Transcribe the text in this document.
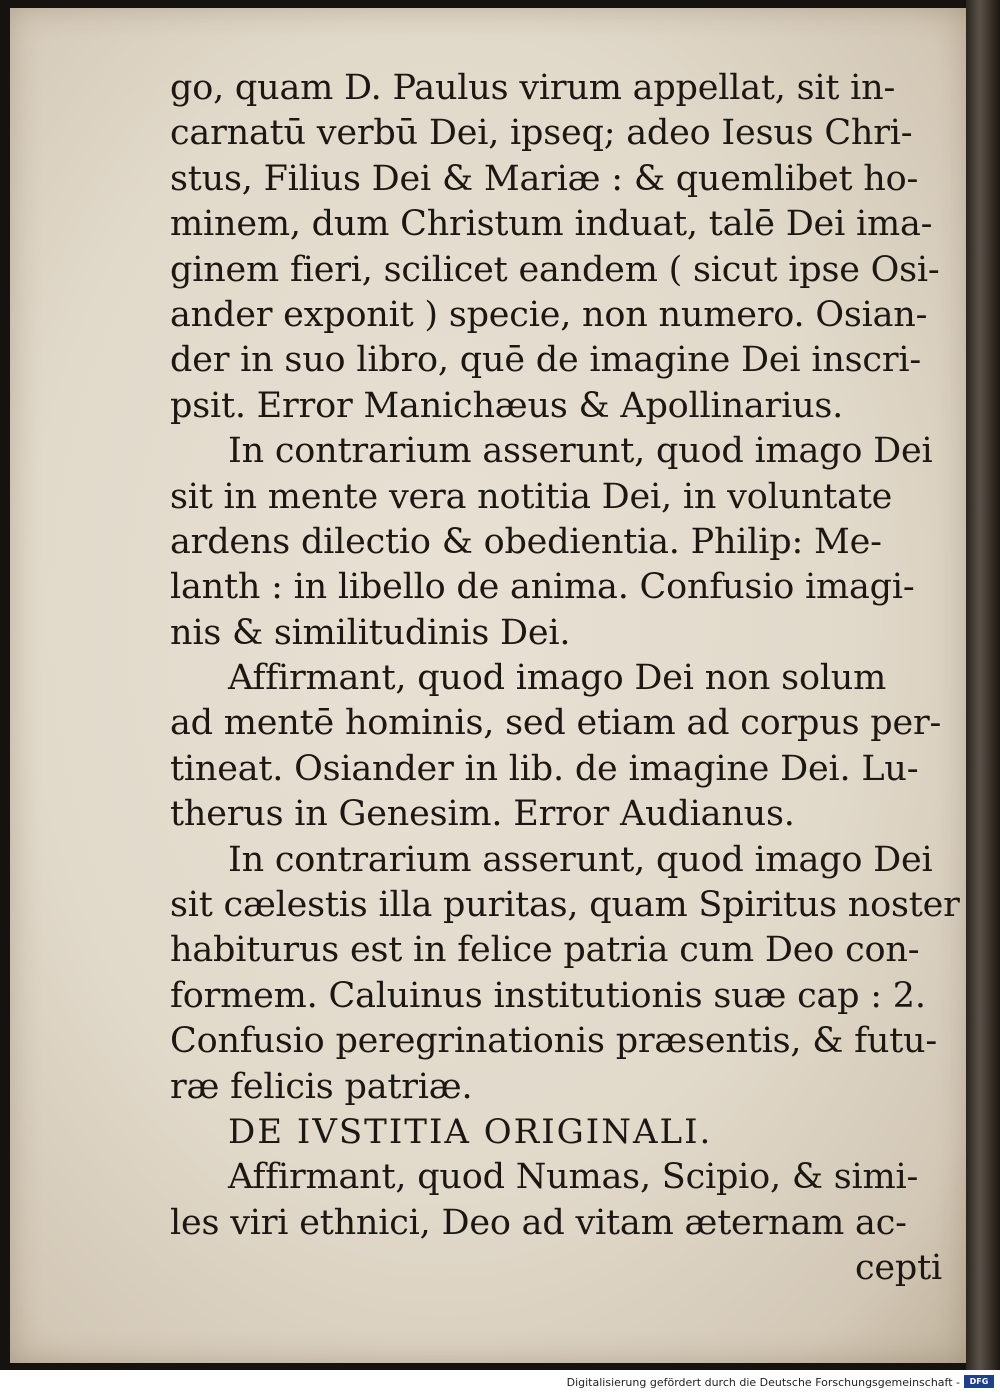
go, quam D. Paulus virum appellat, sit in-
carnatū verbū Dei, ipseq; adeo Iesus Chri-
stus, Filius Dei & Mariæ : & quemlibet ho-
minem, dum Christum induat, talē Dei ima-
ginem fieri, scilicet eandem ( sicut ipse Osi-
ander exponit ) specie, non numero. Osian-
der in suo libro, quē de imagine Dei inscri-
psit. Error Manichæus & Apollinarius.
In contrarium asserunt, quod imago Dei
sit in mente vera notitia Dei, in voluntate
ardens dilectio & obedientia. Philip: Me-
lanth : in libello de anima. Confusio imagi-
nis & similitudinis Dei.
Affirmant, quod imago Dei non solum
ad mentē hominis, sed etiam ad corpus per-
tineat. Osiander in lib. de imagine Dei. Lu-
therus in Genesim. Error Audianus.
In contrarium asserunt, quod imago Dei
sit cælestis illa puritas, quam Spiritus noster
habiturus est in felice patria cum Deo con-
formem. Caluinus institutionis suæ cap : 2.
Confusio peregrinationis præsentis, & futu-
ræ felicis patriæ.
DE IVSTITIA ORIGINALI.
Affirmant, quod Numas, Scipio, & simi-
les viri ethnici, Deo ad vitam æternam ac-
cepti
Digitalisierung gefördert durch die Deutsche Forschungsgemeinschaft -	DFG
